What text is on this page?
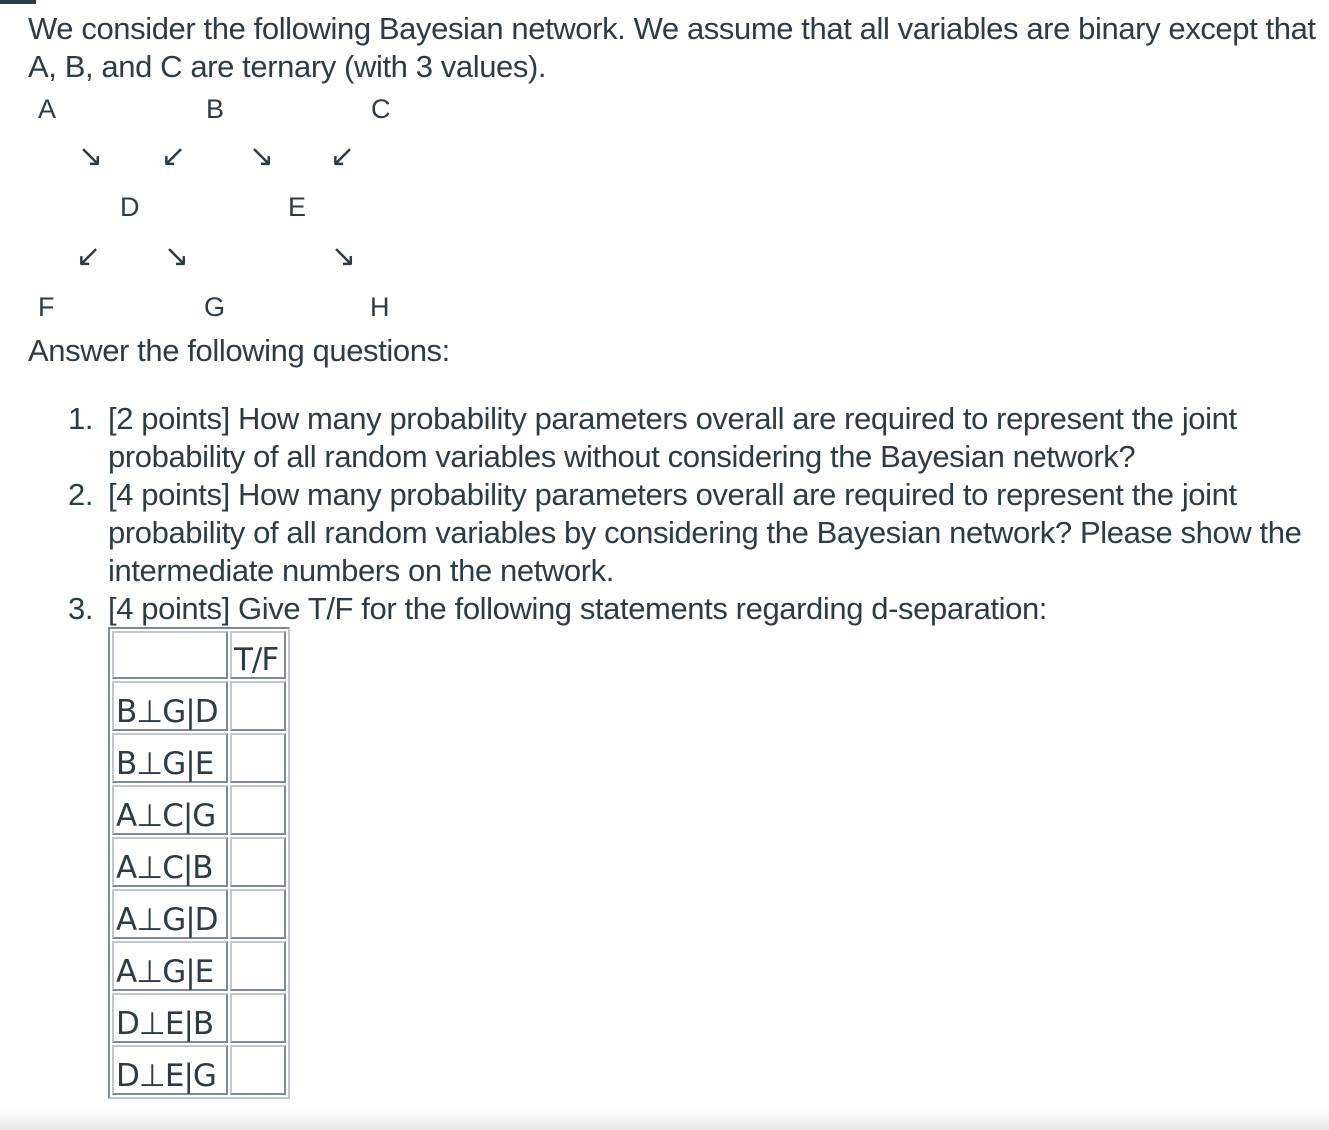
We consider the following Bayesian network. We assume that all variables are binary except that A, B, and C are ternary (with 3 values).

A	B	C
↘ ↙ ↘ ↙
D	E
↙ ↘	↘
F	G	H

Answer the following questions:

1. [2 points] How many probability parameters overall are required to represent the joint probability of all random variables without considering the Bayesian network?
2. [4 points] How many probability parameters overall are required to represent the joint probability of all random variables by considering the Bayesian network? Please show the intermediate numbers on the network.
3. [4 points] Give T/F for the following statements regarding d-separation:
	T/F
B⊥G|D	
B⊥G|E	
A⊥C|G	
A⊥C|B	
A⊥G|D	
A⊥G|E	
D⊥E|B	
D⊥E|G	
